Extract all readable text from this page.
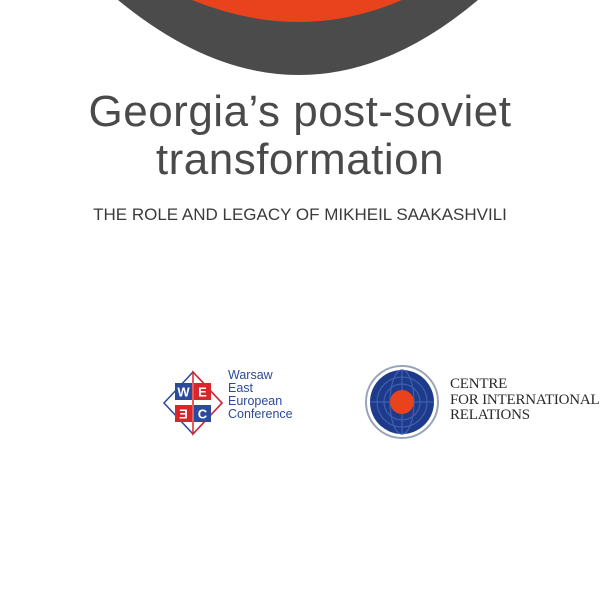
Georgia’s post-soviet
transformation
THE ROLE AND LEGACY OF MIKHEIL SAAKASHVILI
W E
Ǝ C
Warsaw
East
European
Conference
CENTRE
FOR INTERNATIONAL
RELATIONS
